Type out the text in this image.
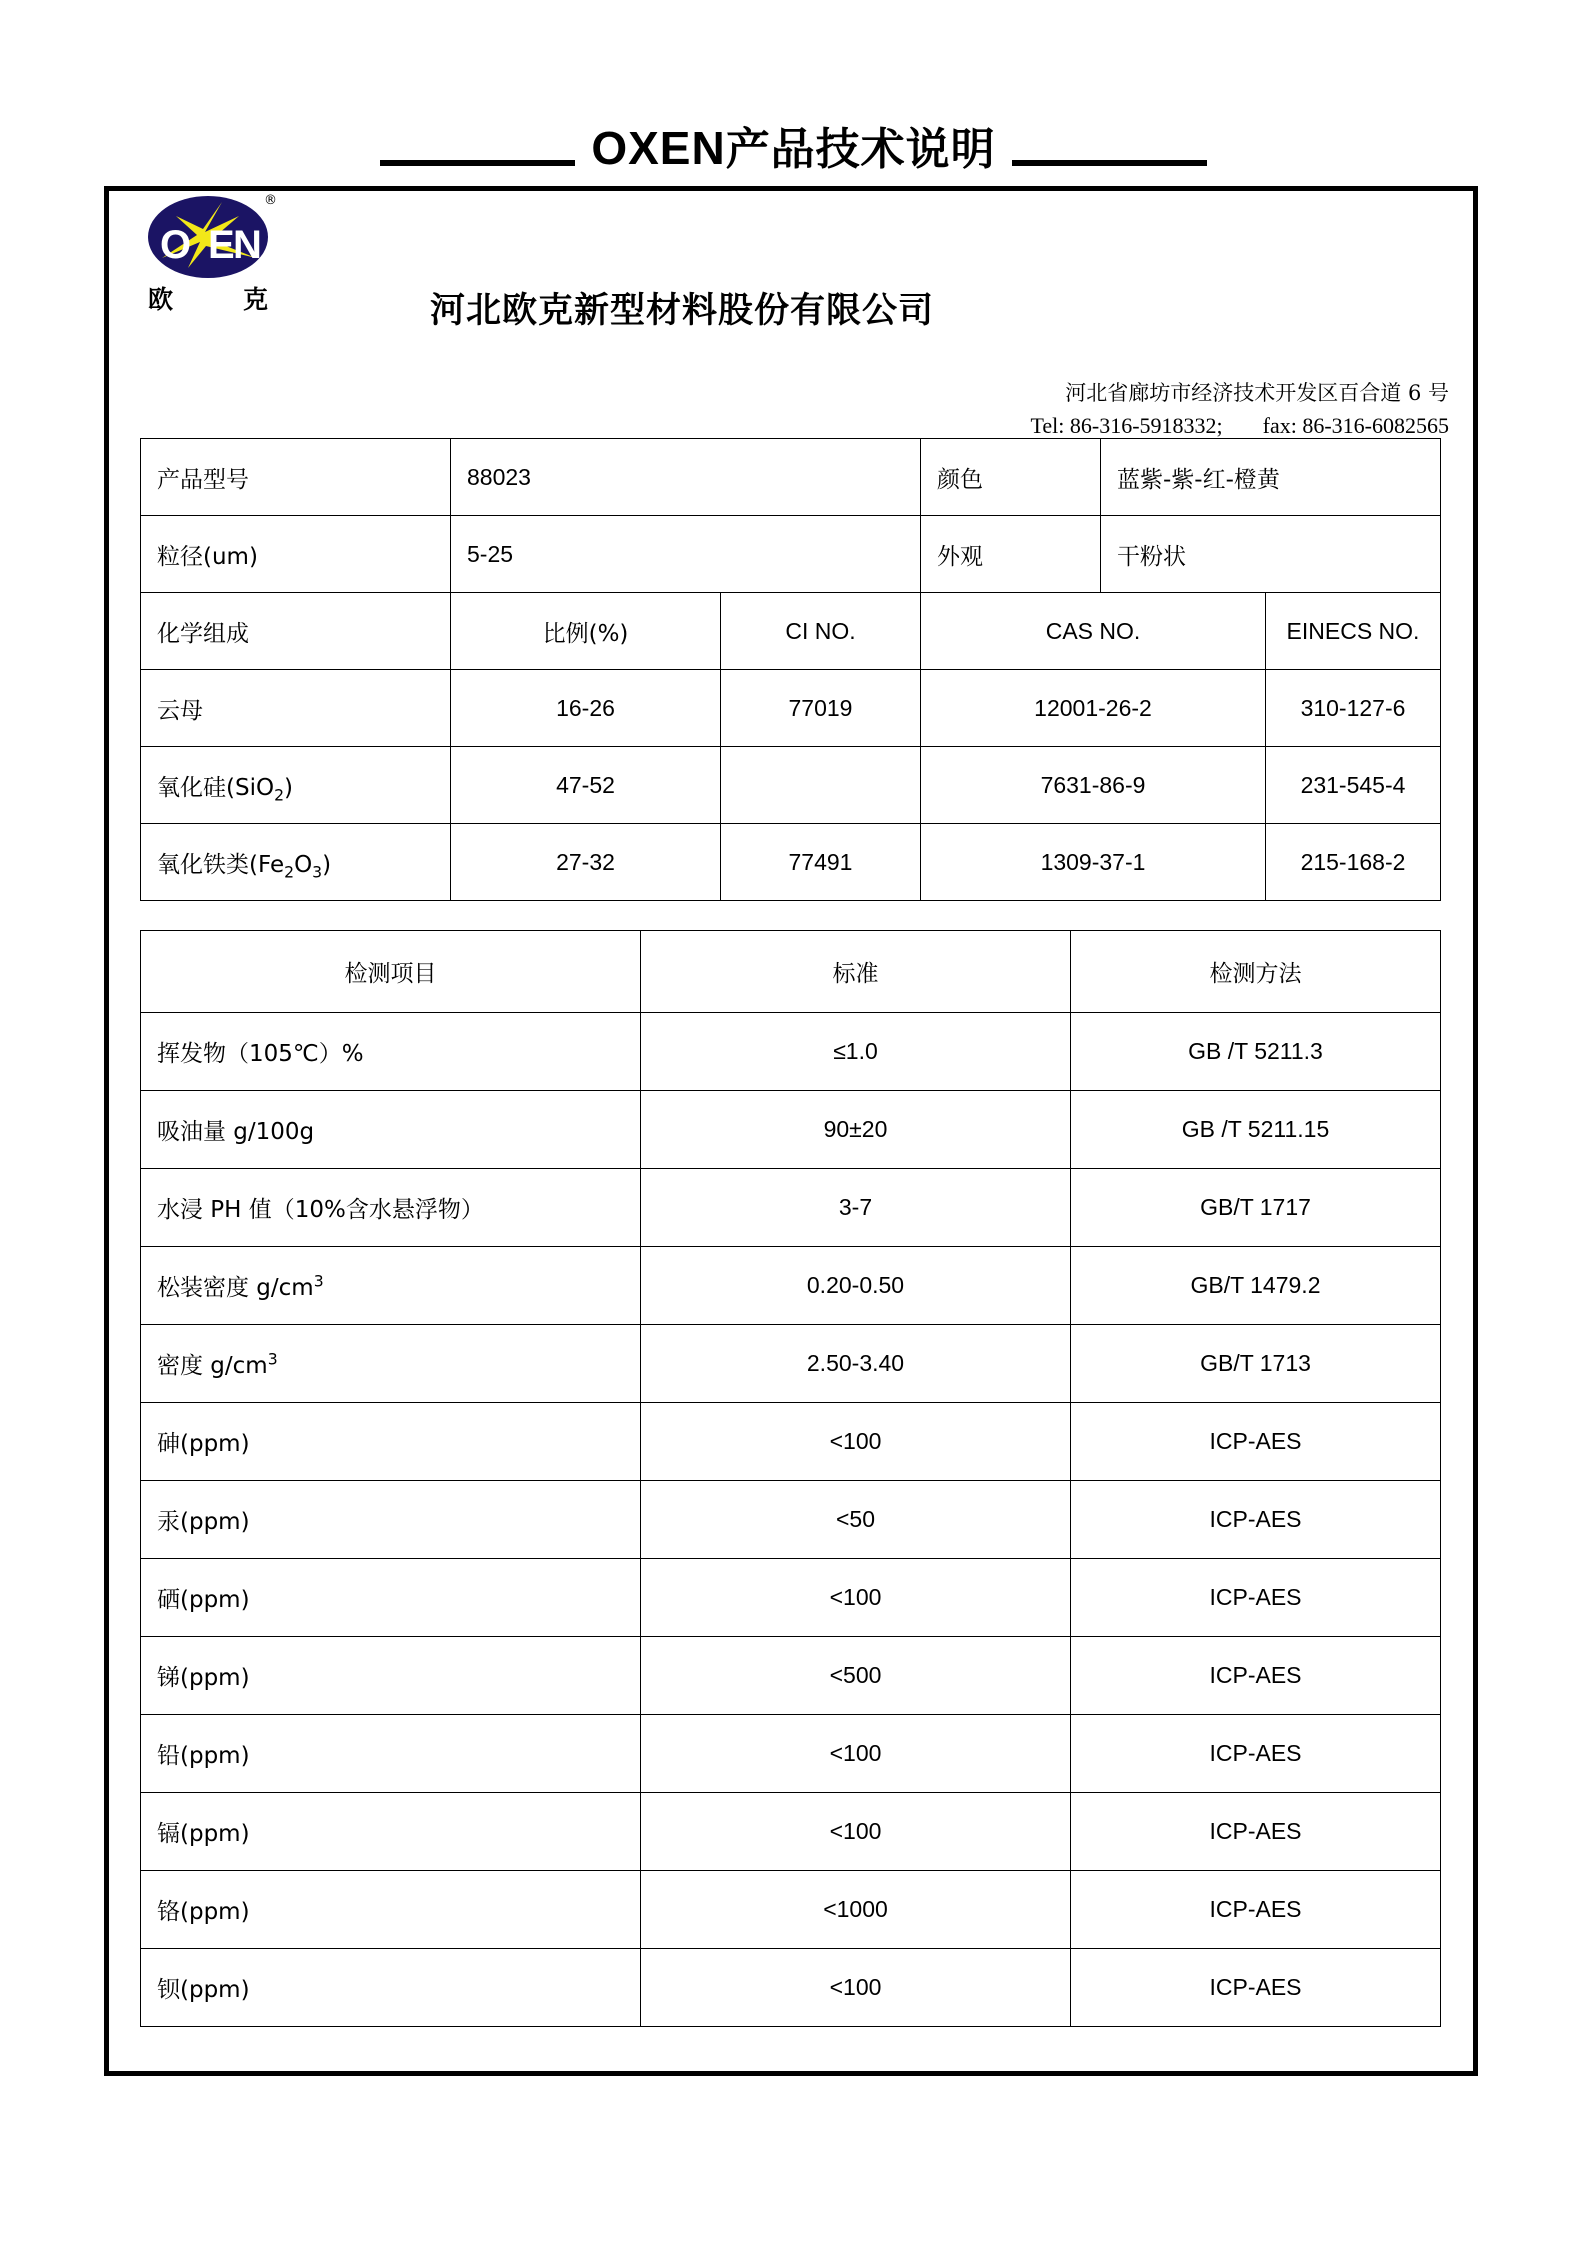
OXEN产品技术说明
O E
N
®
欧	克	河北欧克新型材料股份有限公司
河北省廊坊市经济技术开发区百合道 6 号
Tel: 86-316-5918332; fax: 86-316-6082565
产品型号	88023		颜色	蓝紫-紫-红-橙黄	
粒径(um)	5-25		外观	干粉状	
化学组成	比例(%)	CI NO.	CAS NO.		EINECS NO.
云母	16-26	77019	12001-26-2		310-127-6
氧化硅(SiO$_2$)	47-52		7631-86-9		231-545-4
氧化铁类$(Fe_2O_3)$	27-32	77491	1309-37-1		215-168-2
检测项目	标准	检测方法
挥发物（105℃）%	≤1.0	GB /T 5211.3
吸油量 g/100g	90±20	GB /T 5211.15
水浸 PH 值（10%含水悬浮物）	3-7	GB/T 1717
松装密度 $g/cm^3$	0.20-0.50	GB/T 1479.2
密度 $g/cm^3$	2.50-3.40	GB/T 1713
砷(ppm)	<100	ICP-AES
汞(ppm)	<50	ICP-AES
硒(ppm)	<100	ICP-AES
锑(ppm)	<500	ICP-AES
铅(ppm)	<100	ICP-AES
镉(ppm)	<100	ICP-AES
铬(ppm)	<1000	ICP-AES
钡(ppm)	<100	ICP-AES
